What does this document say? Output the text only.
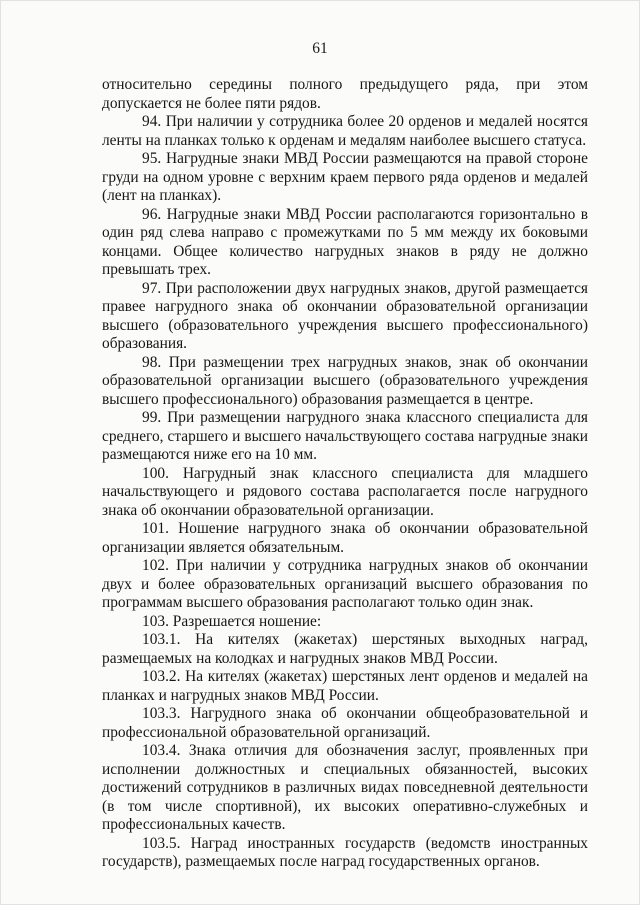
61

относительно середины полного предыдущего ряда, при этом допускается не более пяти рядов.

94. При наличии у сотрудника более 20 орденов и медалей носятся ленты на планках только к орденам и медалям наиболее высшего статуса.

95. Нагрудные знаки МВД России размещаются на правой стороне груди на одном уровне с верхним краем первого ряда орденов и медалей (лент на планках).

96. Нагрудные знаки МВД России располагаются горизонтально в один ряд слева направо с промежутками по 5 мм между их боковыми концами. Общее количество нагрудных знаков в ряду не должно превышать трех.

97. При расположении двух нагрудных знаков, другой размещается правее нагрудного знака об окончании образовательной организации высшего (образовательного учреждения высшего профессионального) образования.

98. При размещении трех нагрудных знаков, знак об окончании образовательной организации высшего (образовательного учреждения высшего профессионального) образования размещается в центре.

99. При размещении нагрудного знака классного специалиста для среднего, старшего и высшего начальствующего состава нагрудные знаки размещаются ниже его на 10 мм.

100. Нагрудный знак классного специалиста для младшего начальствующего и рядового состава располагается после нагрудного знака об окончании образовательной организации.

101. Ношение нагрудного знака об окончании образовательной организации является обязательным.

102. При наличии у сотрудника нагрудных знаков об окончании двух и более образовательных организаций высшего образования по программам высшего образования располагают только один знак.

103. Разрешается ношение:

103.1. На кителях (жакетах) шерстяных выходных наград, размещаемых на колодках и нагрудных знаков МВД России.

103.2. На кителях (жакетах) шерстяных лент орденов и медалей на планках и нагрудных знаков МВД России.

103.3. Нагрудного знака об окончании общеобразовательной и профессиональной образовательной организаций.

103.4. Знака отличия для обозначения заслуг, проявленных при исполнении должностных и специальных обязанностей, высоких достижений сотрудников в различных видах повседневной деятельности (в том числе спортивной), их высоких оперативно-служебных и профессиональных качеств.

103.5. Наград иностранных государств (ведомств иностранных государств), размещаемых после наград государственных органов.
